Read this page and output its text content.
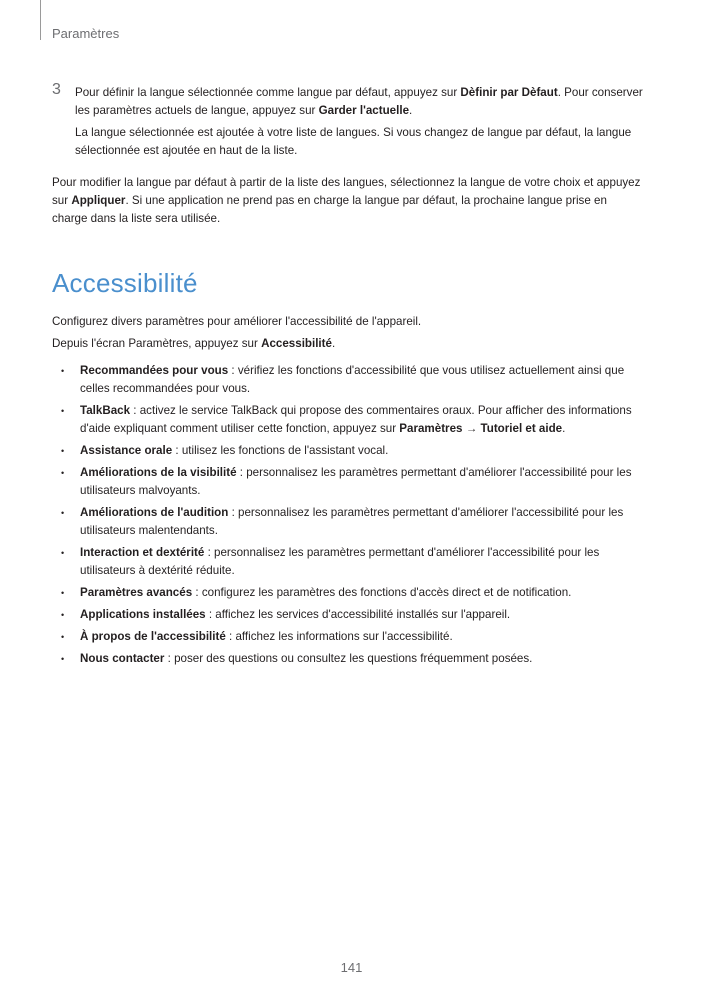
Paramètres
3 Pour définir la langue sélectionnée comme langue par défaut, appuyez sur Dèfinir par Dèfaut. Pour conserver les paramètres actuels de langue, appuyez sur Garder l'actuelle.

La langue sélectionnée est ajoutée à votre liste de langues. Si vous changez de langue par défaut, la langue sélectionnée est ajoutée en haut de la liste.

Pour modifier la langue par défaut à partir de la liste des langues, sélectionnez la langue de votre choix et appuyez sur Appliquer. Si une application ne prend pas en charge la langue par défaut, la prochaine langue prise en charge dans la liste sera utilisée.

Accessibilité

Configurez divers paramètres pour améliorer l'accessibilité de l'appareil.

Depuis l'écran Paramètres, appuyez sur Accessibilité.

• Recommandées pour vous : vérifiez les fonctions d'accessibilité que vous utilisez actuellement ainsi que celles recommandées pour vous.
• TalkBack : activez le service TalkBack qui propose des commentaires oraux. Pour afficher des informations d'aide expliquant comment utiliser cette fonction, appuyez sur Paramètres → Tutoriel et aide.
• Assistance orale : utilisez les fonctions de l'assistant vocal.
• Améliorations de la visibilité : personnalisez les paramètres permettant d'améliorer l'accessibilité pour les utilisateurs malvoyants.
• Améliorations de l'audition : personnalisez les paramètres permettant d'améliorer l'accessibilité pour les utilisateurs malentendants.
• Interaction et dextérité : personnalisez les paramètres permettant d'améliorer l'accessibilité pour les utilisateurs à dextérité réduite.
• Paramètres avancés : configurez les paramètres des fonctions d'accès direct et de notification.
• Applications installées : affichez les services d'accessibilité installés sur l'appareil.
• À propos de l'accessibilité : affichez les informations sur l'accessibilité.
• Nous contacter : poser des questions ou consultez les questions fréquemment posées.
141
